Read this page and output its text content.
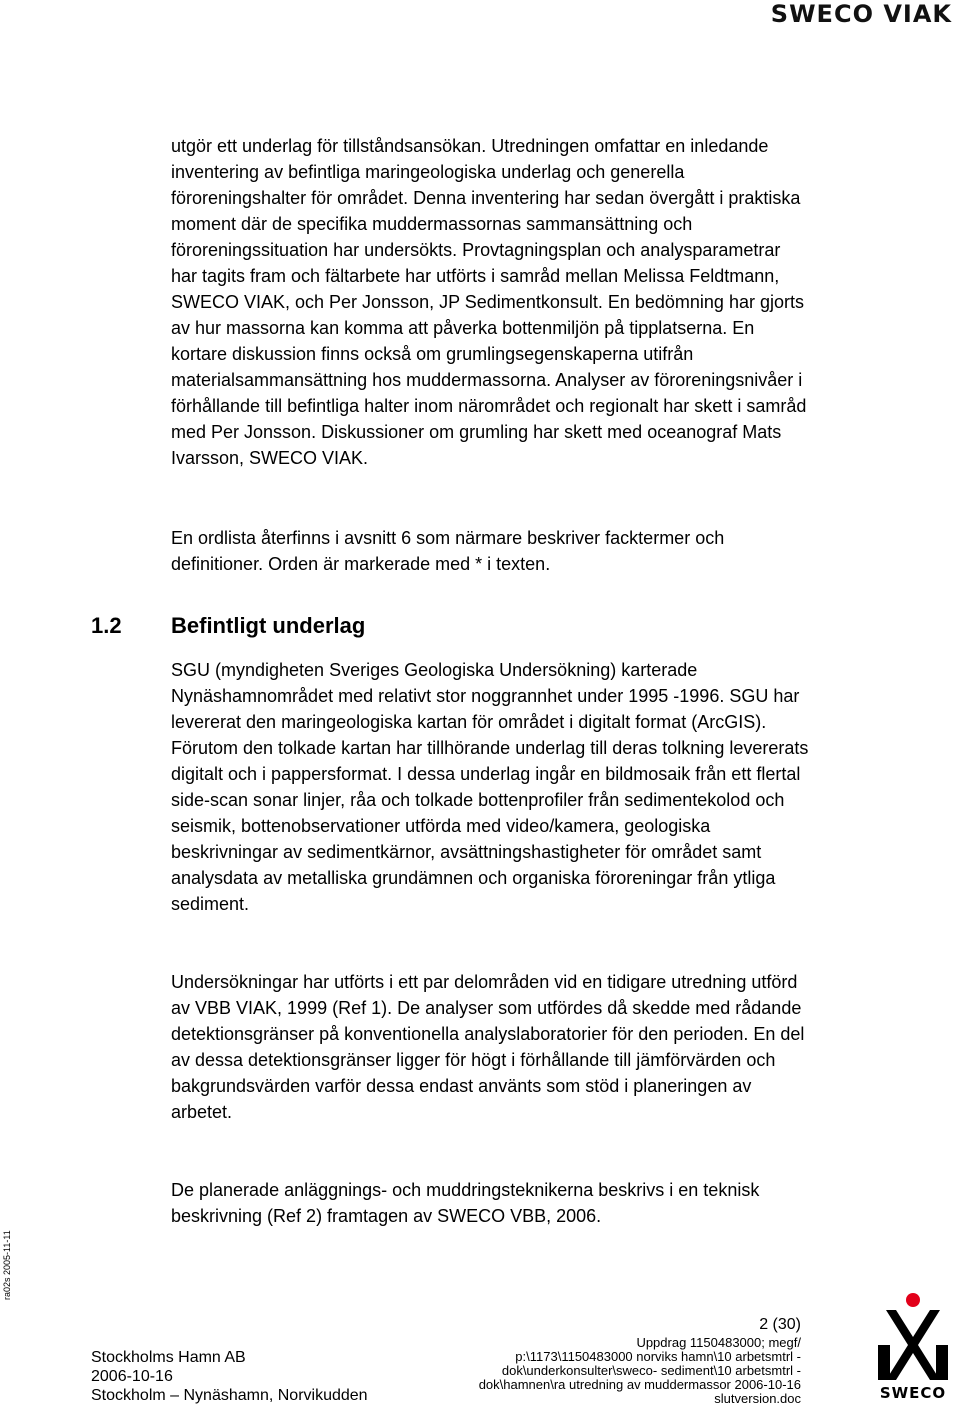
SWECO VIAK

utgör ett underlag för tillståndsansökan. Utredningen omfattar en inledande inventering av befintliga maringeologiska underlag och generella föroreningshalter för området. Denna inventering har sedan övergått i praktiska moment där de specifika muddermassornas sammansättning och föroreningssituation har undersökts. Provtagningsplan och analysparametrar har tagits fram och fältarbete har utförts i samråd mellan Melissa Feldtmann, SWECO VIAK, och Per Jonsson, JP Sedimentkonsult. En bedömning har gjorts av hur massorna kan komma att påverka bottenmiljön på tipplatserna. En kortare diskussion finns också om grumlingsegenskaperna utifrån materialsammansättning hos muddermassorna. Analyser av föroreningsnivåer i förhållande till befintliga halter inom närområdet och regionalt har skett i samråd med Per Jonsson. Diskussioner om grumling har skett med oceanograf Mats Ivarsson, SWECO VIAK.

En ordlista återfinns i avsnitt 6 som närmare beskriver facktermer och definitioner. Orden är markerade med * i texten.

1.2 Befintligt underlag

SGU (myndigheten Sveriges Geologiska Undersökning) karterade Nynäshamnområdet med relativt stor noggrannhet under 1995 -1996. SGU har levererat den maringeologiska kartan för området i digitalt format (ArcGIS). Förutom den tolkade kartan har tillhörande underlag till deras tolkning levererats digitalt och i pappersformat. I dessa underlag ingår en bildmosaik från ett flertal side-scan sonar linjer, råa och tolkade bottenprofiler från sedimentekolod och seismik, bottenobservationer utförda med video/kamera, geologiska beskrivningar av sedimentkärnor, avsättningshastigheter för området samt analysdata av metalliska grundämnen och organiska föroreningar från ytliga sediment.

Undersökningar har utförts i ett par delområden vid en tidigare utredning utförd av VBB VIAK, 1999 (Ref 1). De analyser som utfördes då skedde med rådande detektionsgränser på konventionella analyslaboratorier för den perioden. En del av dessa detektionsgränser ligger för högt i förhållande till jämförvärden och bakgrundsvärden varför dessa endast använts som stöd i planeringen av arbetet.

De planerade anläggnings- och muddringsteknikerna beskrivs i en teknisk beskrivning (Ref 2) framtagen av SWECO VBB, 2006.

ra02s 2005-11-11
Stockholms Hamn AB
2006-10-16
Stockholm – Nynäshamn, Norvikudden
2 (30)
Uppdrag 1150483000; megf/
p:\1173\1150483000 norviks hamn\10 arbetsmtrl -
dok\underkonsulter\sweco- sediment\10 arbetsmtrl -
dok\hamnen\ra utredning av muddermassor 2006-10-16
slutversion.doc	SWECO
